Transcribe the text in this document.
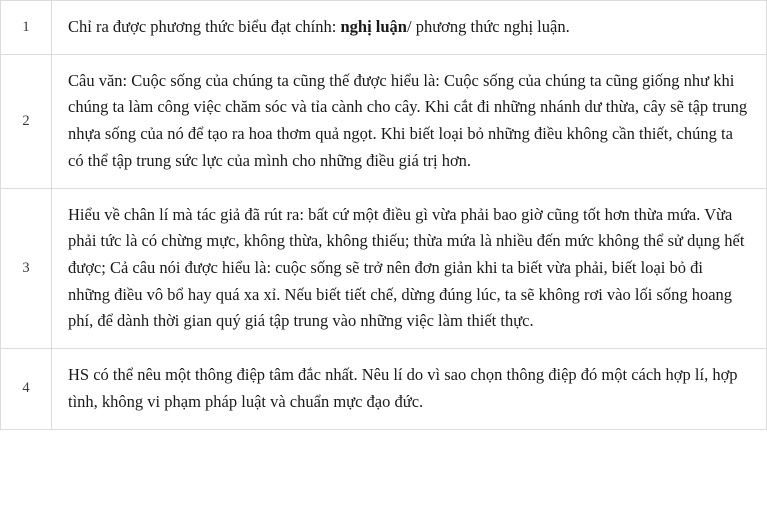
1	Chỉ ra được phương thức biểu đạt chính: nghị luận/ phương thức nghị luận.
2	Câu văn: Cuộc sống của chúng ta cũng thế được hiểu là: Cuộc sống của chúng ta cũng giống như khi chúng ta làm công việc chăm sóc và tỉa cành cho cây. Khi cắt đi những nhánh dư thừa, cây sẽ tập trung nhựa sống của nó để tạo ra hoa thơm quả ngọt. Khi biết loại bỏ những điều không cần thiết, chúng ta có thể tập trung sức lực của mình cho những điều giá trị hơn.
3	Hiểu về chân lí mà tác giả đã rút ra: bất cứ một điều gì vừa phải bao giờ cũng tốt hơn thừa mứa. Vừa phải tức là có chừng mực, không thừa, không thiếu; thừa mứa là nhiều đến mức không thể sử dụng hết được; Cả câu nói được hiểu là: cuộc sống sẽ trở nên đơn giản khi ta biết vừa phải, biết loại bỏ đi những điều vô bổ hay quá xa xỉ. Nếu biết tiết chế, dừng đúng lúc, ta sẽ không rơi vào lối sống hoang phí, để dành thời gian quý giá tập trung vào những việc làm thiết thực.
4	HS có thể nêu một thông điệp tâm đắc nhất. Nêu lí do vì sao chọn thông điệp đó một cách hợp lí, hợp tình, không vi phạm pháp luật và chuẩn mực đạo đức.
